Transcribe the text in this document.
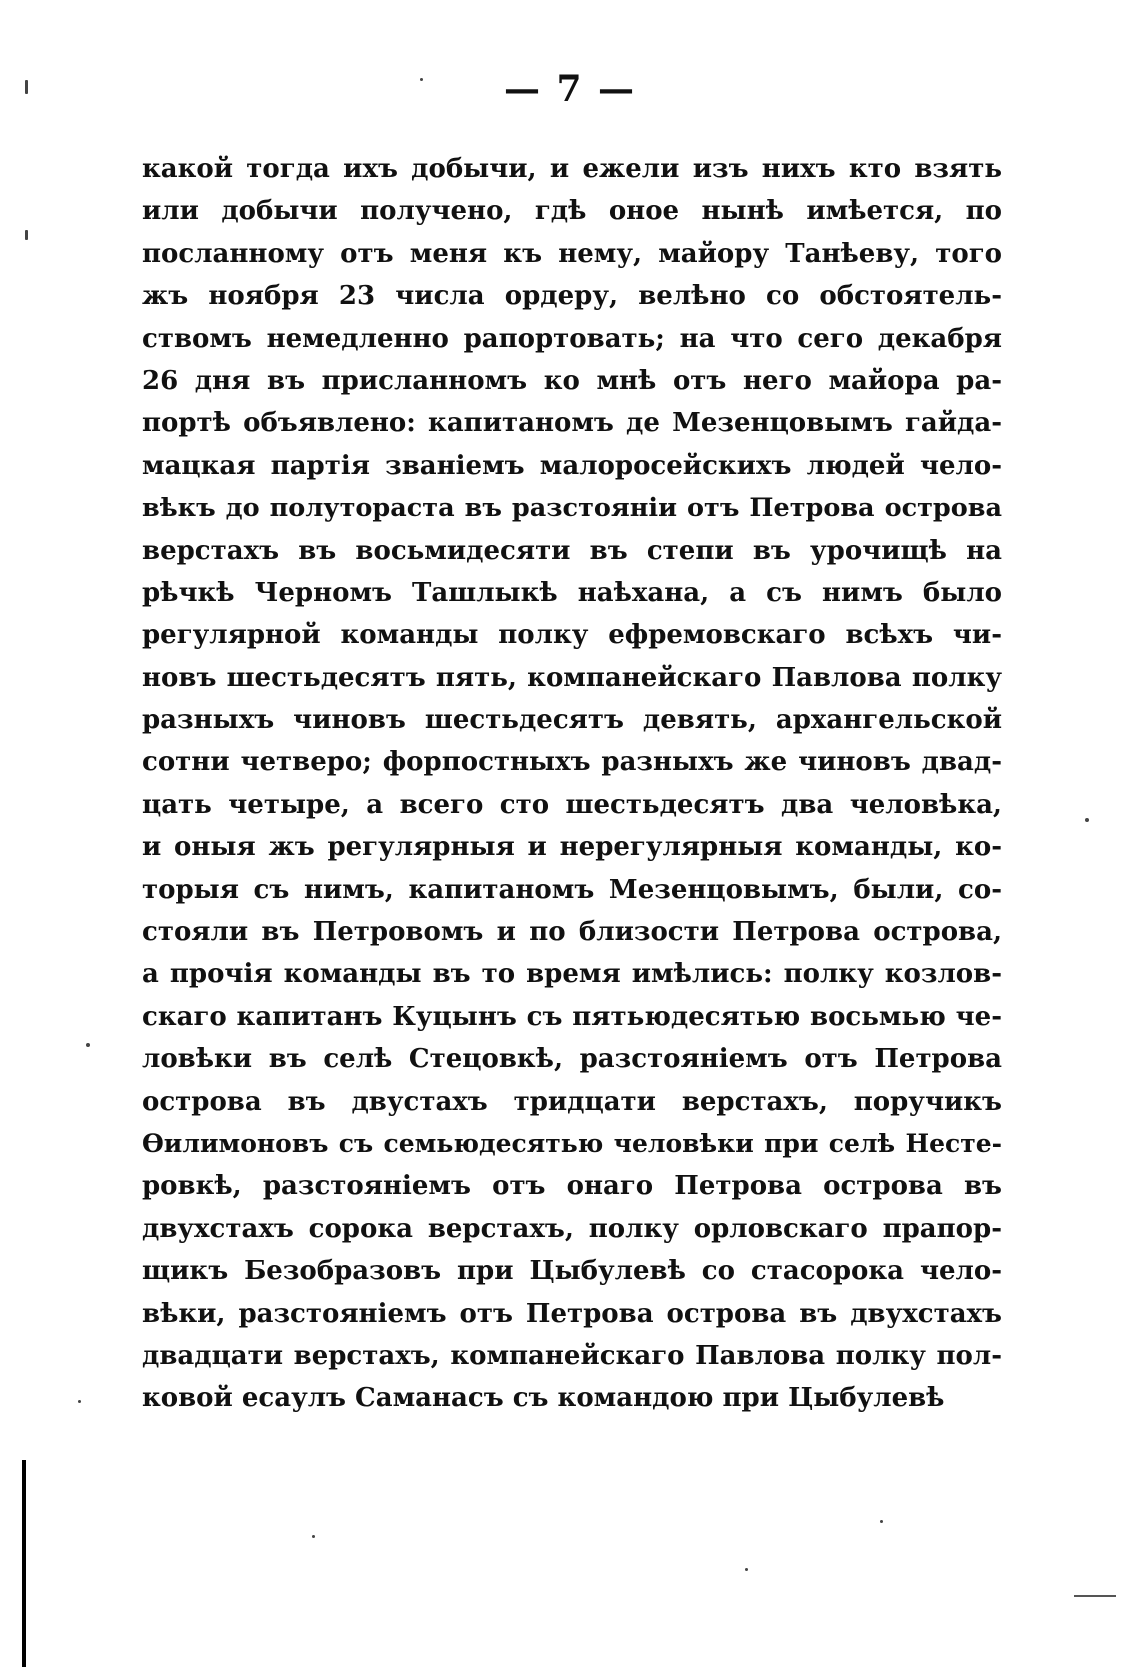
— 7 —
какой тогда ихъ добычи, и ежели изъ нихъ кто взять
или добычи получено, гдѣ оное нынѣ имѣется, по
посланному отъ меня къ нему, майору Танѣеву, того
жъ ноября 23 числа ордеру, велѣно со обстоятель-
ствомъ немедленно рапортовать; на что сего декабря
26 дня въ присланномъ ко мнѣ отъ него майора ра-
портѣ объявлено: капитаномъ де Мезенцовымъ гайда-
мацкая партія званіемъ малоросейскихъ людей чело-
вѣкъ до полутораста въ разстояніи отъ Петрова острова
верстахъ въ восьмидесяти въ степи въ урочищѣ на
рѣчкѣ Черномъ Ташлыкѣ наѣхана, а съ нимъ было
регулярной команды полку ефремовскаго всѣхъ чи-
новъ шестьдесятъ пять, компанейскаго Павлова полку
разныхъ чиновъ шестьдесятъ девять, архангельской
сотни четверо; форпостныхъ разныхъ же чиновъ двад-
цать четыре, а всего сто шестьдесятъ два человѣка,
и оныя жъ регулярныя и нерегулярныя команды, ко-
торыя съ нимъ, капитаномъ Мезенцовымъ, были, со-
стояли въ Петровомъ и по близости Петрова острова,
а прочія команды въ то время имѣлись: полку козлов-
скаго капитанъ Куцынъ съ пятьюдесятью восьмью че-
ловѣки въ селѣ Стецовкѣ, разстояніемъ отъ Петрова
острова въ двустахъ тридцати верстахъ, поручикъ
Ѳилимоновъ съ семьюдесятью человѣки при селѣ Несте-
ровкѣ, разстояніемъ отъ онаго Петрова острова въ
двухстахъ сорока верстахъ, полку орловскаго прапор-
щикъ Безобразовъ при Цыбулевѣ со стасорока чело-
вѣки, разстояніемъ отъ Петрова острова въ двухстахъ
двадцати верстахъ, компанейскаго Павлова полку пол-
ковой есаулъ Саманасъ съ командою при Цыбулевѣ
